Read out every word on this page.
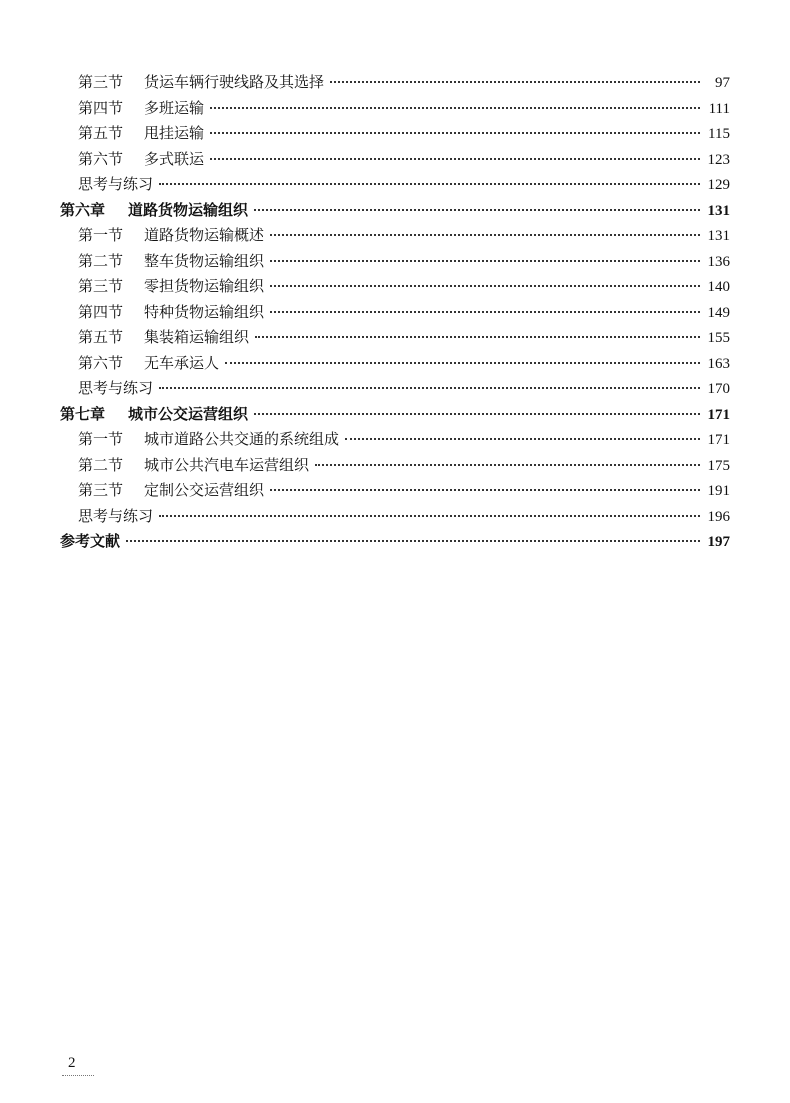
第三节	货运车辆行驶线路及其选择	97
第四节	多班运输	111
第五节	甩挂运输	115
第六节	多式联运	123
思考与练习	129
第六章	道路货物运输组织	131
第一节	道路货物运输概述	131
第二节	整车货物运输组织	136
第三节	零担货物运输组织	140
第四节	特种货物运输组织	149
第五节	集装箱运输组织	155
第六节	无车承运人	163
思考与练习	170
第七章	城市公交运营组织	171
第一节	城市道路公共交通的系统组成	171
第二节	城市公共汽电车运营组织	175
第三节	定制公交运营组织	191
思考与练习	196
参考文献	197
2
